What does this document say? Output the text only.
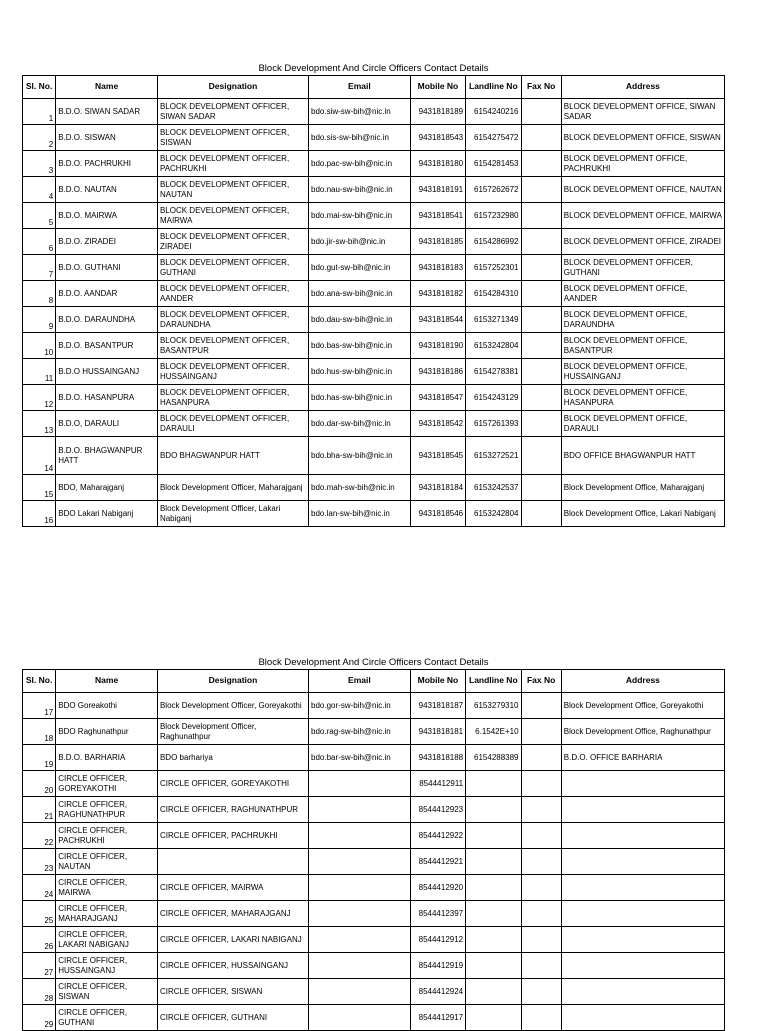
Block Development And Circle Officers Contact Details
Sl. No.	Name	Designation	Email	Mobile No	Landline No	Fax No	Address
1	B.D.O. SIWAN SADAR	BLOCK DEVELOPMENT OFFICER, SIWAN SADAR	bdo.siw-sw-bih@nic.in	9431818189	6154240216		BLOCK DEVELOPMENT OFFICE, SIWAN SADAR
2	B.D.O. SISWAN	BLOCK DEVELOPMENT OFFICER, SISWAN	bdo.sis-sw-bih@nic.in	9431818543	6154275472		BLOCK DEVELOPMENT OFFICE, SISWAN
3	B.D.O. PACHRUKHI	BLOCK DEVELOPMENT OFFICER, PACHRUKHI	bdo.pac-sw-bih@nic.in	9431818180	6154281453		BLOCK DEVELOPMENT OFFICE, PACHRUKHI
4	B.D.O. NAUTAN	BLOCK DEVELOPMENT OFFICER, NAUTAN	bdo.nau-sw-bih@nic.in	9431818191	6157262672		BLOCK DEVELOPMENT OFFICE, NAUTAN
5	B.D.O. MAIRWA	BLOCK DEVELOPMENT OFFICER, MAIRWA	bdo.mai-sw-bih@nic.in	9431818541	6157232980		BLOCK DEVELOPMENT OFFICE, MAIRWA
6	B.D.O. ZIRADEI	BLOCK DEVELOPMENT OFFICER, ZIRADEI	bdo.jir-sw-bih@nic.in	9431818185	6154286992		BLOCK DEVELOPMENT OFFICE, ZIRADEI
7	B.D.O. GUTHANI	BLOCK DEVELOPMENT OFFICER, GUTHANI	bdo.gut-sw-bih@nic.in	9431818183	6157252301		BLOCK DEVELOPMENT OFFICER, GUTHANI
8	B.D.O. AANDAR	BLOCK DEVELOPMENT OFFICER, AANDER	bdo.ana-sw-bih@nic.in	9431818182	6154284310		BLOCK DEVELOPMENT OFFICE, AANDER
9	B.D.O. DARAUNDHA	BLOCK DEVELOPMENT OFFICER, DARAUNDHA	bdo.dau-sw-bih@nic.in	9431818544	6153271349		BLOCK DEVELOPMENT OFFICE, DARAUNDHA
10	B.D.O. BASANTPUR	BLOCK DEVELOPMENT OFFICER, BASANTPUR	bdo.bas-sw-bih@nic.in	9431818190	6153242804		BLOCK DEVELOPMENT OFFICE, BASANTPUR
11	B.D.O HUSSAINGANJ	BLOCK DEVELOPMENT OFFICER, HUSSAINGANJ	bdo.hus-sw-bih@nic.in	9431818186	6154278381		BLOCK DEVELOPMENT OFFICE, HUSSAINGANJ
12	B.D.O. HASANPURA	BLOCK DEVELOPMENT OFFICER, HASANPURA	bdo.has-sw-bih@nic.in	9431818547	6154243129		BLOCK DEVELOPMENT OFFICE, HASANPURA
13	B.D.O, DARAULI	BLOCK DEVELOPMENT OFFICER, DARAULI	bdo.dar-sw-bih@nic.in	9431818542	6157261393		BLOCK DEVELOPMENT OFFICE, DARAULI
14	B.D.O. BHAGWANPUR HATT	BDO BHAGWANPUR HATT	bdo.bha-sw-bih@nic.in	9431818545	6153272521		BDO OFFICE BHAGWANPUR HATT
15	BDO, Maharajganj	Block Development Officer, Maharajganj	bdo.mah-sw-bih@nic.in	9431818184	6153242537		Block Development Office, Maharajganj
16	BDO Lakari Nabiganj	Block Development Officer, Lakari Nabiganj	bdo.lan-sw-bih@nic.in	9431818546	6153242804		Block Development Office, Lakari Nabiganj
Block Development And Circle Officers Contact Details
Sl. No.	Name	Designation	Email	Mobile No	Landline No	Fax No	Address
17	BDO Goreakothi	Block Development Officer, Goreyakothi	bdo.gor-sw-bih@nic.in	9431818187	6153279310		Block Development Office, Goreyakothi
18	BDO Raghunathpur	Block Development Officer, Raghunathpur	bdo.rag-sw-bih@nic.in	9431818181	6.1542E+10		Block Development Office, Raghunathpur
19	B.D.O. BARHARIA	BDO barhariya	bdo.bar-sw-bih@nic.in	9431818188	6154288389		B.D.O. OFFICE BARHARIA
20	CIRCLE OFFICER, GOREYAKOTHI	CIRCLE OFFICER, GOREYAKOTHI		8544412911			
21	CIRCLE OFFICER, RAGHUNATHPUR	CIRCLE OFFICER, RAGHUNATHPUR		8544412923			
22	CIRCLE OFFICER, PACHRUKHI	CIRCLE OFFICER, PACHRUKHI		8544412922			
23	CIRCLE OFFICER, NAUTAN			8544412921			
24	CIRCLE OFFICER, MAIRWA	CIRCLE OFFICER, MAIRWA		8544412920			
25	CIRCLE OFFICER, MAHARAJGANJ	CIRCLE OFFICER, MAHARAJGANJ		8544412397			
26	CIRCLE OFFICER, LAKARI NABIGANJ	CIRCLE OFFICER, LAKARI NABIGANJ		8544412912			
27	CIRCLE OFFICER, HUSSAINGANJ	CIRCLE OFFICER, HUSSAINGANJ		8544412919			
28	CIRCLE OFFICER, SISWAN	CIRCLE OFFICER, SISWAN		8544412924			
29	CIRCLE OFFICER, GUTHANI	CIRCLE OFFICER, GUTHANI		8544412917			
